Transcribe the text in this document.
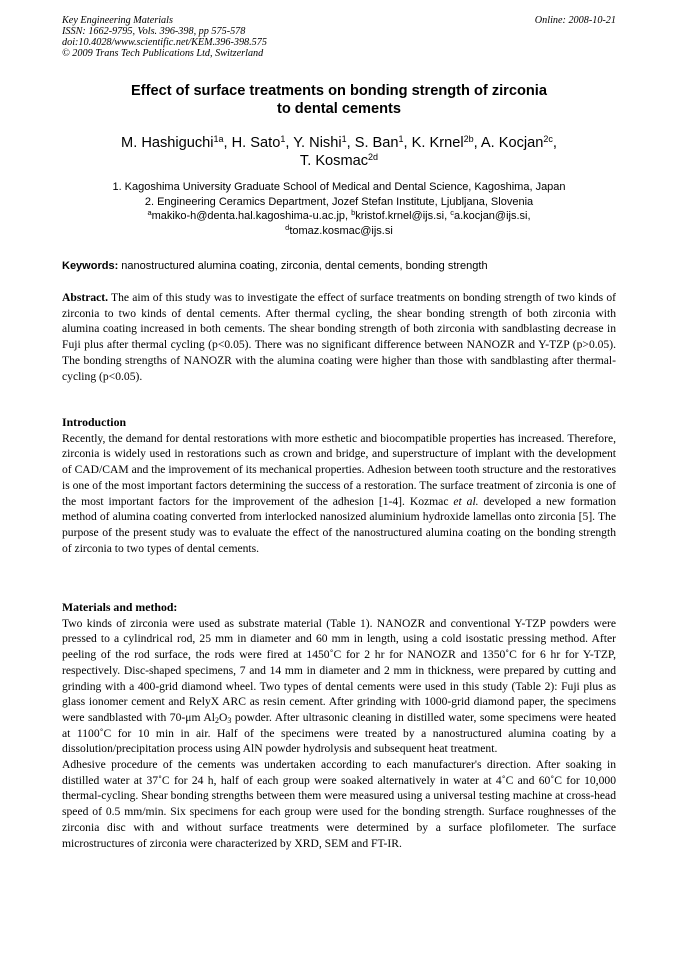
Key Engineering Materials
ISSN: 1662-9795, Vols. 396-398, pp 575-578
doi:10.4028/www.scientific.net/KEM.396-398.575
© 2009 Trans Tech Publications Ltd, Switzerland
Online: 2008-10-21
Effect of surface treatments on bonding strength of zirconia
to dental cements
M. Hashiguchi$^{1a}$, H. Sato$^1$, Y. Nishi$^1$, S. Ban$^1$, K. Krnel$^{2b}$, A. Kocjan$^{2c}$,
T. Kosmac$^{2d}$
1. Kagoshima University Graduate School of Medical and Dental Science, Kagoshima, Japan
2. Engineering Ceramics Department, Jozef Stefan Institute, Ljubljana, Slovenia
$^a$makiko-h@denta.hal.kagoshima-u.ac.jp, $^b$kristof.krnel@ijs.si, $^c$a.kocjan@ijs.si,
$^d$tomaz.kosmac@ijs.si
Keywords: nanostructured alumina coating, zirconia, dental cements, bonding strength

Abstract. The aim of this study was to investigate the effect of surface treatments on bonding strength of two kinds of zirconia to two kinds of dental cements. After thermal cycling, the shear bonding strength of both zirconia with alumina coating increased in both cements. The shear bonding strength of both zirconia with sandblasting decrease in Fuji plus after thermal cycling (p<0.05). There was no significant difference between NANOZR and Y-TZP (p>0.05). The bonding strengths of NANOZR with the alumina coating were higher than those with sandblasting after thermal-cycling (p<0.05).

Introduction

Recently, the demand for dental restorations with more esthetic and biocompatible properties has increased. Therefore, zirconia is widely used in restorations such as crown and bridge, and superstructure of implant with the development of CAD/CAM and the improvement of its mechanical properties. Adhesion between tooth structure and the restoratives is one of the most important factors determining the success of a restoration. The surface treatment of zirconia is one of the most important factors for the improvement of the adhesion [1-4]. Kozmac et al. developed a new formation method of alumina coating converted from interlocked nanosized aluminium hydroxide lamellas onto zirconia [5]. The purpose of the present study was to evaluate the effect of the nanostructured alumina coating on the bonding strength of zirconia to two types of dental cements.

Materials and method:

Two kinds of zirconia were used as substrate material (Table 1). NANOZR and conventional Y-TZP powders were pressed to a cylindrical rod, 25 mm in diameter and 60 mm in length, using a cold isostatic pressing method. After peeling of the rod surface, the rods were fired at 1450˚C for 2 hr for NANOZR and 1350˚C for 6 hr for Y-TZP, respectively. Disc-shaped specimens, 7 and 14 mm in diameter and 2 mm in thickness, were prepared by cutting and grinding with a 400-grid diamond wheel. Two types of dental cements were used in this study (Table 2): Fuji plus as glass ionomer cement and RelyX ARC as resin cement. After grinding with 1000-grid diamond paper, the specimens were sandblasted with 70-μm $Al_2O_3$ powder. After ultrasonic cleaning in distilled water, some specimens were heated at 1100˚C for 10 min in air. Half of the specimens were treated by a nanostructured alumina coating by a dissolution/precipitation process using AlN powder hydrolysis and subsequent heat treatment.

Adhesive procedure of the cements was undertaken according to each manufacturer's direction. After soaking in distilled water at 37˚C for 24 h, half of each group were soaked alternatively in water at 4˚C and 60˚C for 10,000 thermal-cycling. Shear bonding strengths between them were measured using a universal testing machine at cross-head speed of 0.5 mm/min. Six specimens for each group were used for the bonding strength. Surface roughnesses of the zirconia disc with and without surface treatments were determined by a surface plofilometer. The surface microstructures of zirconia were characterized by XRD, SEM and FT-IR.
